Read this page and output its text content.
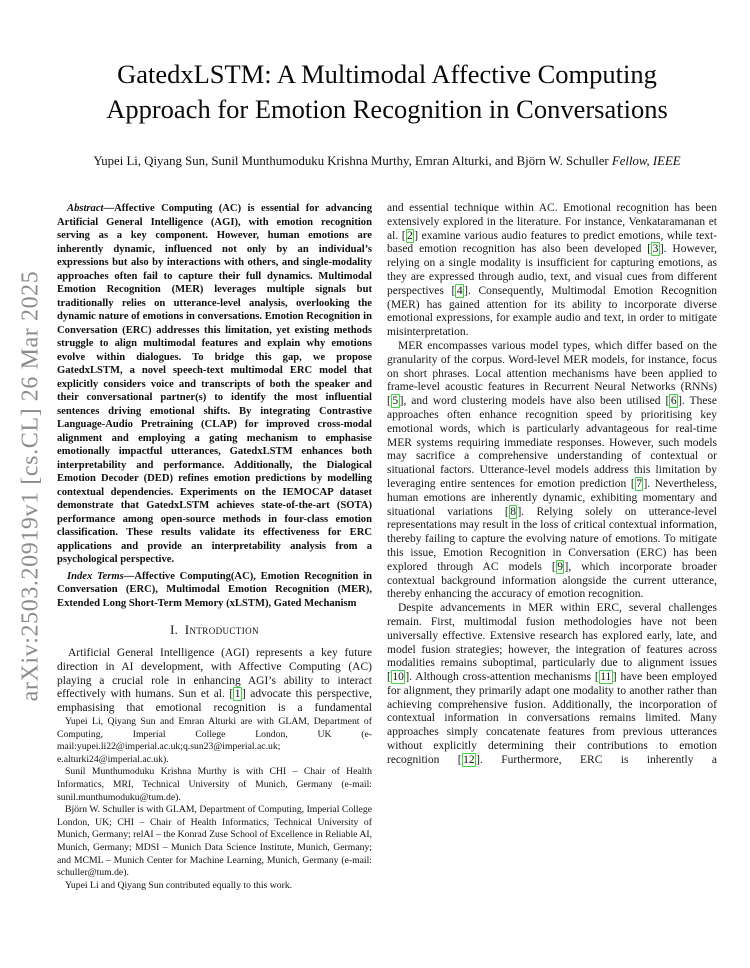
arXiv:2503.20919v1 [cs.CL] 26 Mar 2025
GatedxLSTM: A Multimodal Affective Computing
Approach for Emotion Recognition in Conversations
Yupei Li, Qiyang Sun, Sunil Munthumoduku Krishna Murthy, Emran Alturki, and Björn W. Schuller Fellow, IEEE

Abstract—Affective Computing (AC) is essential for advancing Artificial General Intelligence (AGI), with emotion recognition serving as a key component. However, human emotions are inherently dynamic, influenced not only by an individual’s expressions but also by interactions with others, and single-modality approaches often fail to capture their full dynamics. Multimodal Emotion Recognition (MER) leverages multiple signals but traditionally relies on utterance-level analysis, overlooking the dynamic nature of emotions in conversations. Emotion Recognition in Conversation (ERC) addresses this limitation, yet existing methods struggle to align multimodal features and explain why emotions evolve within dialogues. To bridge this gap, we propose GatedxLSTM, a novel speech-text multimodal ERC model that explicitly considers voice and transcripts of both the speaker and their conversational partner(s) to identify the most influential sentences driving emotional shifts. By integrating Contrastive Language-Audio Pretraining (CLAP) for improved cross-modal alignment and employing a gating mechanism to emphasise emotionally impactful utterances, GatedxLSTM enhances both interpretability and performance. Additionally, the Dialogical Emotion Decoder (DED) refines emotion predictions by modelling contextual dependencies. Experiments on the IEMOCAP dataset demonstrate that GatedxLSTM achieves state-of-the-art (SOTA) performance among open-source methods in four-class emotion classification. These results validate its effectiveness for ERC applications and provide an interpretability analysis from a psychological perspective.

Index Terms—Affective Computing(AC), Emotion Recognition in Conversation (ERC), Multimodal Emotion Recognition (MER), Extended Long Short-Term Memory (xLSTM), Gated Mechanism

I. Introduction

Artificial General Intelligence (AGI) represents a key future direction in AI development, with Affective Computing (AC) playing a crucial role in enhancing AGI’s ability to interact effectively with humans. Sun et al. [ 1 ] advocate this perspective, emphasising that emotional recognition is a fundamental

Yupei Li, Qiyang Sun and Emran Alturki are with GLAM, Department of Computing, Imperial College London, UK (e-mail:yupei.li22@imperial.ac.uk;q.sun23@imperial.ac.uk; e.alturki24@imperial.ac.uk).

Sunil Munthumoduku Krishna Murthy is with CHI – Chair of Health Informatics, MRI, Technical University of Munich, Germany (e-mail: sunil.munthumoduku@tum.de).

Björn W. Schuller is with GLAM, Department of Computing, Imperial College London, UK; CHI – Chair of Health Informatics, Technical University of Munich, Germany; relAI – the Konrad Zuse School of Excellence in Reliable AI, Munich, Germany; MDSI – Munich Data Science Institute, Munich, Germany; and MCML – Munich Center for Machine Learning, Munich, Germany (e-mail: schuller@tum.de).

Yupei Li and Qiyang Sun contributed equally to this work.

and essential technique within AC. Emotional recognition has been extensively explored in the literature. For instance, Venkataramanan et al. [ 2 ] examine various audio features to predict emotions, while text-based emotion recognition has also been developed [ 3 ]. However, relying on a single modality is insufficient for capturing emotions, as they are expressed through audio, text, and visual cues from different perspectives [ 4 ]. Consequently, Multimodal Emotion Recognition (MER) has gained attention for its ability to incorporate diverse emotional expressions, for example audio and text, in order to mitigate misinterpretation.

MER encompasses various model types, which differ based on the granularity of the corpus. Word-level MER models, for instance, focus on short phrases. Local attention mechanisms have been applied to frame-level acoustic features in Recurrent Neural Networks (RNNs) [ 5 ], and word clustering models have also been utilised [ 6 ]. These approaches often enhance recognition speed by prioritising key emotional words, which is particularly advantageous for real-time MER systems requiring immediate responses. However, such models may sacrifice a comprehensive understanding of contextual or situational factors. Utterance-level models address this limitation by leveraging entire sentences for emotion prediction [ 7 ]. Nevertheless, human emotions are inherently dynamic, exhibiting momentary and situational variations [ 8 ]. Relying solely on utterance-level representations may result in the loss of critical contextual information, thereby failing to capture the evolving nature of emotions. To mitigate this issue, Emotion Recognition in Conversation (ERC) has been explored through AC models [ 9 ], which incorporate broader contextual background information alongside the current utterance, thereby enhancing the accuracy of emotion recognition.

Despite advancements in MER within ERC, several challenges remain. First, multimodal fusion methodologies have not been universally effective. Extensive research has explored early, late, and model fusion strategies; however, the integration of features across modalities remains suboptimal, particularly due to alignment issues [ 10 ]. Although cross-attention mechanisms [ 11 ] have been employed for alignment, they primarily adapt one modality to another rather than achieving comprehensive fusion. Additionally, the incorporation of contextual information in conversations remains limited. Many approaches simply concatenate features from previous utterances without explicitly determining their contributions to emotion recognition [ 12 ]. Furthermore, ERC is inherently a
